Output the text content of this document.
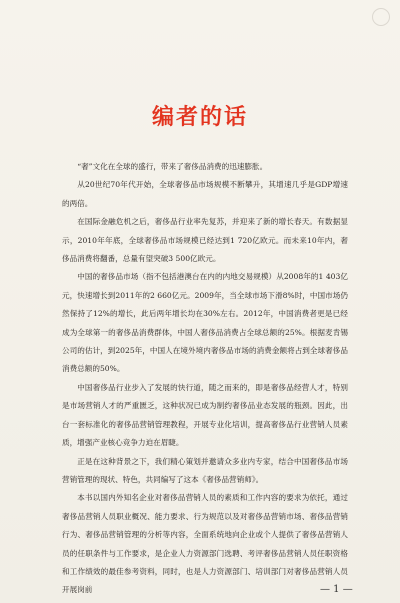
编者的话

“奢”文化在全球的盛行，带来了奢侈品消费的迅速膨胀。

从20世纪70年代开始，全球奢侈品市场规模不断攀升，其增速几乎是GDP增速的两倍。

在国际金融危机之后，奢侈品行业率先复苏，并迎来了新的增长春天。有数据显示，2010年年底，全球奢侈品市场规模已经达到1 720亿欧元。而未来10年内，奢侈品消费将翻番，总量有望突破3 500亿欧元。

中国的奢侈品市场（指不包括港澳台在内的内地交易规模）从2008年的1 403亿元，快速增长到2011年的2 660亿元。2009年，当全球市场下滑8%时，中国市场仍然保持了12%的增长，此后两年增长均在30%左右。2012年，中国消费者更是已经成为全球第一的奢侈品消费群体，中国人奢侈品消费占全球总额的25%。根据麦肯锡公司的估计，到2025年，中国人在境外境内奢侈品市场的消费金额将占到全球奢侈品消费总额的50%。

中国奢侈品行业步入了发展的快行道，随之而来的，即是奢侈品经营人才，特别是市场营销人才的严重匮乏，这种状况已成为制约奢侈品业态发展的瓶颈。因此，出台一套标准化的奢侈品营销管理教程，开展专业化培训，提高奢侈品行业营销人员素质，增强产业核心竞争力迫在眉睫。

正是在这种背景之下，我们精心策划并邀请众多业内专家，结合中国奢侈品市场营销管理的现状、特色，共同编写了这本《奢侈品营销师》。

本书以国内外知名企业对奢侈品营销人员的素质和工作内容的要求为依托，通过奢侈品营销人员职业概况、能力要求、行为规范以及对奢侈品营销市场、奢侈品营销行为、奢侈品营销管理的分析等内容，全面系统地向企业或个人提供了奢侈品营销人员的任职条件与工作要求，是企业人力资源部门选聘、考评奢侈品营销人员任职资格和工作绩效的最佳参考资料，同时，也是人力资源部门、培训部门对奢侈品营销人员开展岗前	— 1 —
